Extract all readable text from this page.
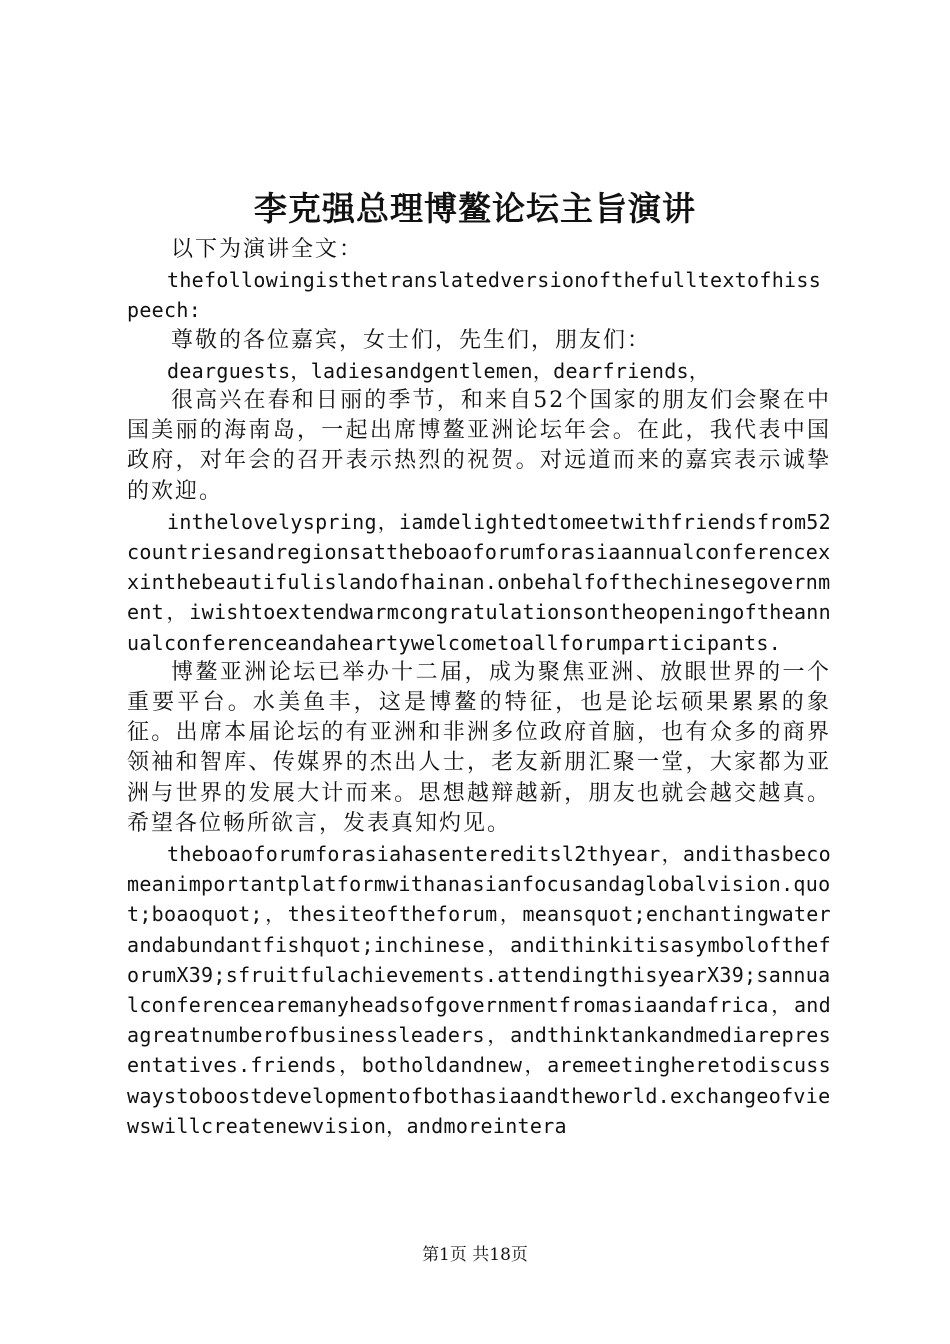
李克强总理博鳌论坛主旨演讲

以下为演讲全文：

thefollowingisthetranslatedversionofthefulltextofhisspeech:

尊敬的各位嘉宾，女士们，先生们，朋友们：

dearguests，ladiesandgentlemen，dearfriends，

很高兴在春和日丽的季节，和来自52个国家的朋友们会聚在中国美丽的海南岛，一起出席博鳌亚洲论坛年会。在此，我代表中国政府，对年会的召开表示热烈的祝贺。对远道而来的嘉宾表示诚挚的欢迎。

inthelovelyspring，iamdelightedtomeetwithfriendsfrom52countriesandregionsattheboaoforumforasiaannualconferencexxinthebeautifulislandofhainan.onbehalfofthechinesegovernment，iwishtoextendwarmcongratulationsontheopeningoftheannualconferenceandaheartywelcometoallforumparticipants.

博鳌亚洲论坛已举办十二届，成为聚焦亚洲、放眼世界的一个重要平台。水美鱼丰，这是博鳌的特征，也是论坛硕果累累的象征。出席本届论坛的有亚洲和非洲多位政府首脑，也有众多的商界领袖和智库、传媒界的杰出人士，老友新朋汇聚一堂，大家都为亚洲与世界的发展大计而来。思想越辩越新，朋友也就会越交越真。希望各位畅所欲言，发表真知灼见。

theboaoforumforasiahasentereditsl2thyear，andithasbecomeanimportantplatformwithanasianfocusandaglobalvision.quot;boaoquot;，thesiteoftheforum，meansquot;enchantingwaterandabundantfishquot;inchinese，andithinkitisasymboloftheforumX39;sfruitfulachievements.attendingthisyearX39;sannualconferencearemanyheadsofgovernmentfromasiaandafrica，andagreatnumberofbusinessleaders，andthinktankandmediarepresentatives.friends，botholdandnew，aremeetingheretodiscusswaystoboostdevelopmentofbothasiaandtheworld.exchangeofviewswillcreatenewvision，andmoreintera

第1页 共18页
